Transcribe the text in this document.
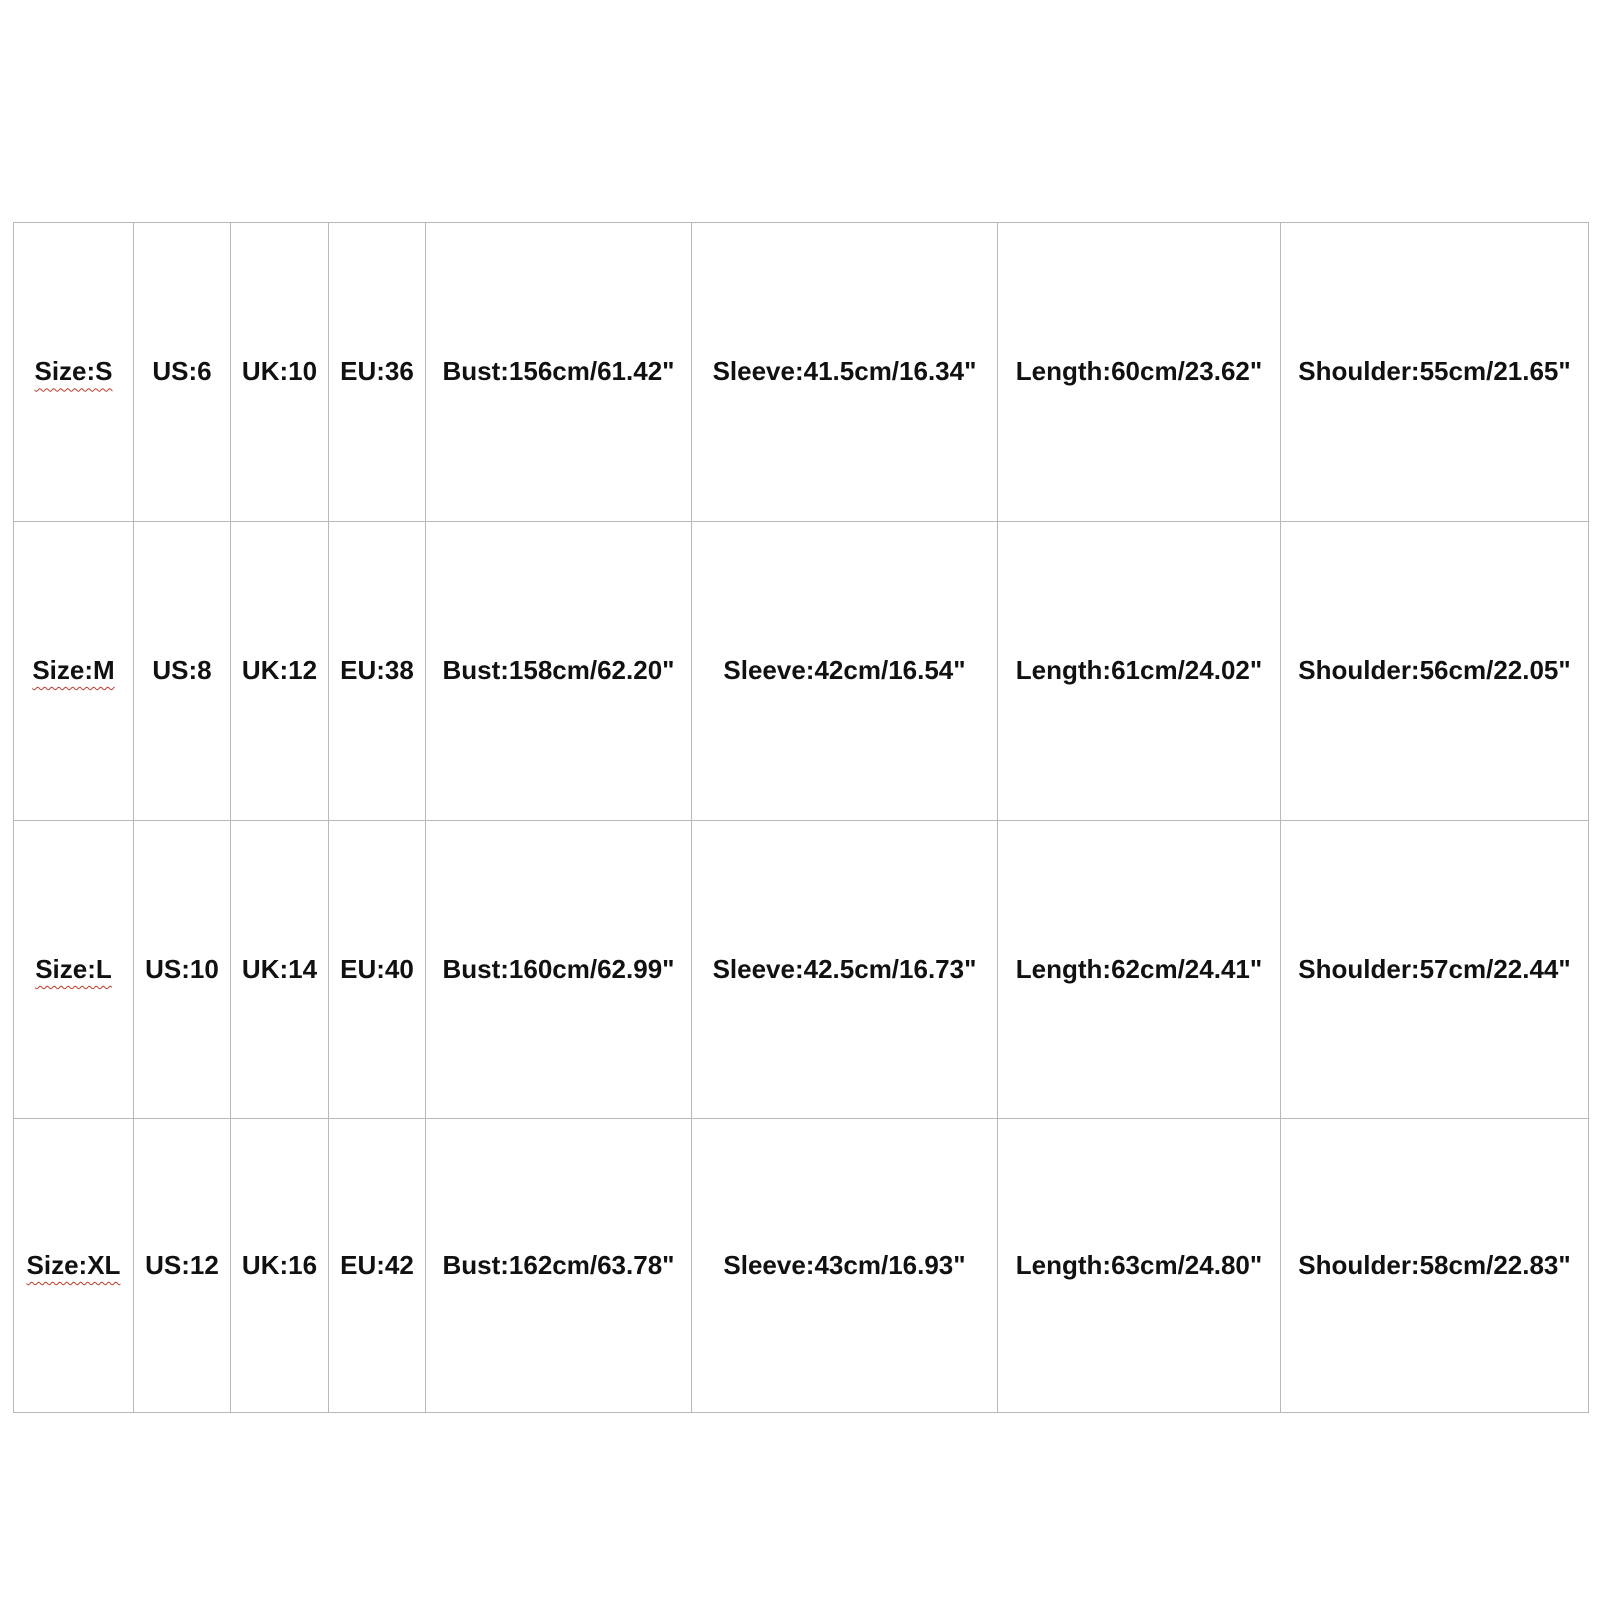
Size:S	US:6	UK:10	EU:36	Bust:156cm/61.42"	Sleeve:41.5cm/16.34"	Length:60cm/23.62"	Shoulder:55cm/21.65"
Size:M	US:8	UK:12	EU:38	Bust:158cm/62.20"	Sleeve:42cm/16.54"	Length:61cm/24.02"	Shoulder:56cm/22.05"
Size:L	US:10	UK:14	EU:40	Bust:160cm/62.99"	Sleeve:42.5cm/16.73"	Length:62cm/24.41"	Shoulder:57cm/22.44"
Size:XL	US:12	UK:16	EU:42	Bust:162cm/63.78"	Sleeve:43cm/16.93"	Length:63cm/24.80"	Shoulder:58cm/22.83"
